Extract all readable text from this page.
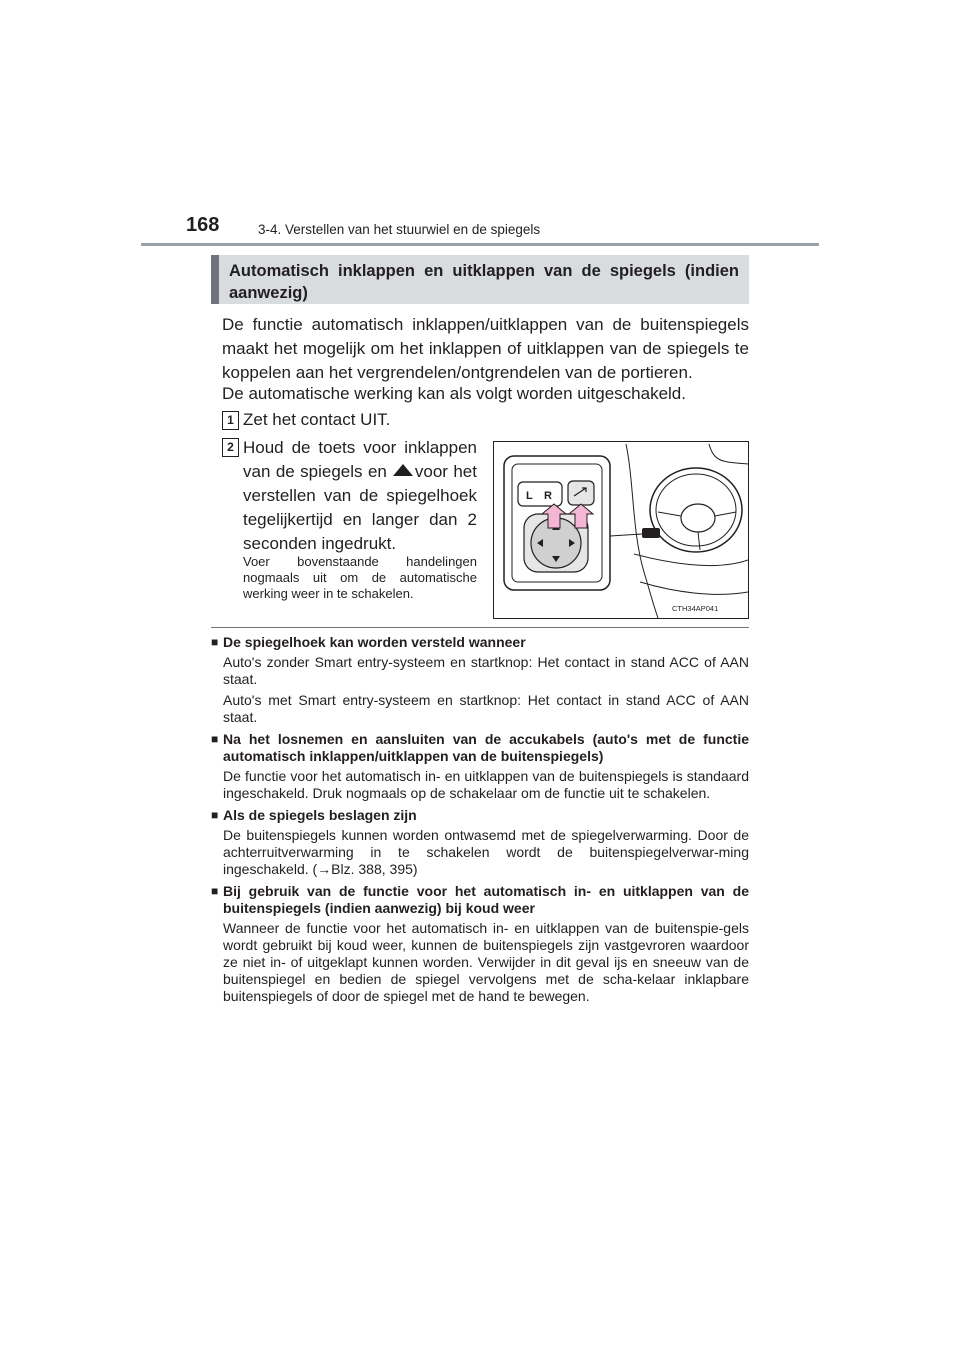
168	3-4. Verstellen van het stuurwiel en de spiegels
Automatisch inklappen en uitklappen van de spiegels (indien aanwezig)

De functie automatisch inklappen/uitklappen van de buitenspiegels maakt het mogelijk om het inklappen of uitklappen van de spiegels te koppelen aan het vergrendelen/ontgrendelen van de portieren.

De automatische werking kan als volgt worden uitgeschakeld.

1 Zet het contact UIT.
2 Houd de toets voor inklappen van de spiegels en voor het verstellen van de spiegelhoek tegelijkertijd en langer dan 2 seconden ingedrukt.
Voer bovenstaande handelingen nogmaals uit om de automatische werking weer in te schakelen.
L R
CTH34AP041
■ De spiegelhoek kan worden versteld wanneer

Auto's zonder Smart entry-systeem en startknop: Het contact in stand ACC of AAN staat.

Auto's met Smart entry-systeem en startknop: Het contact in stand ACC of AAN staat.

■ Na het losnemen en aansluiten van de accukabels (auto's met de functie automatisch inklappen/uitklappen van de buitenspiegels)

De functie voor het automatisch in- en uitklappen van de buitenspiegels is standaard ingeschakeld. Druk nogmaals op de schakelaar om de functie uit te schakelen.

■ Als de spiegels beslagen zijn

De buitenspiegels kunnen worden ontwasemd met de spiegelverwarming. Door de achterruitverwarming in te schakelen wordt de buitenspiegelverwar-ming ingeschakeld. (→Blz. 388, 395)

■ Bij gebruik van de functie voor het automatisch in- en uitklappen van de buitenspiegels (indien aanwezig) bij koud weer

Wanneer de functie voor het automatisch in- en uitklappen van de buitenspie-gels wordt gebruikt bij koud weer, kunnen de buitenspiegels zijn vastgevroren waardoor ze niet in- of uitgeklapt kunnen worden. Verwijder in dit geval ijs en sneeuw van de buitenspiegel en bedien de spiegel vervolgens met de scha-kelaar inklapbare buitenspiegels of door de spiegel met de hand te bewegen.
